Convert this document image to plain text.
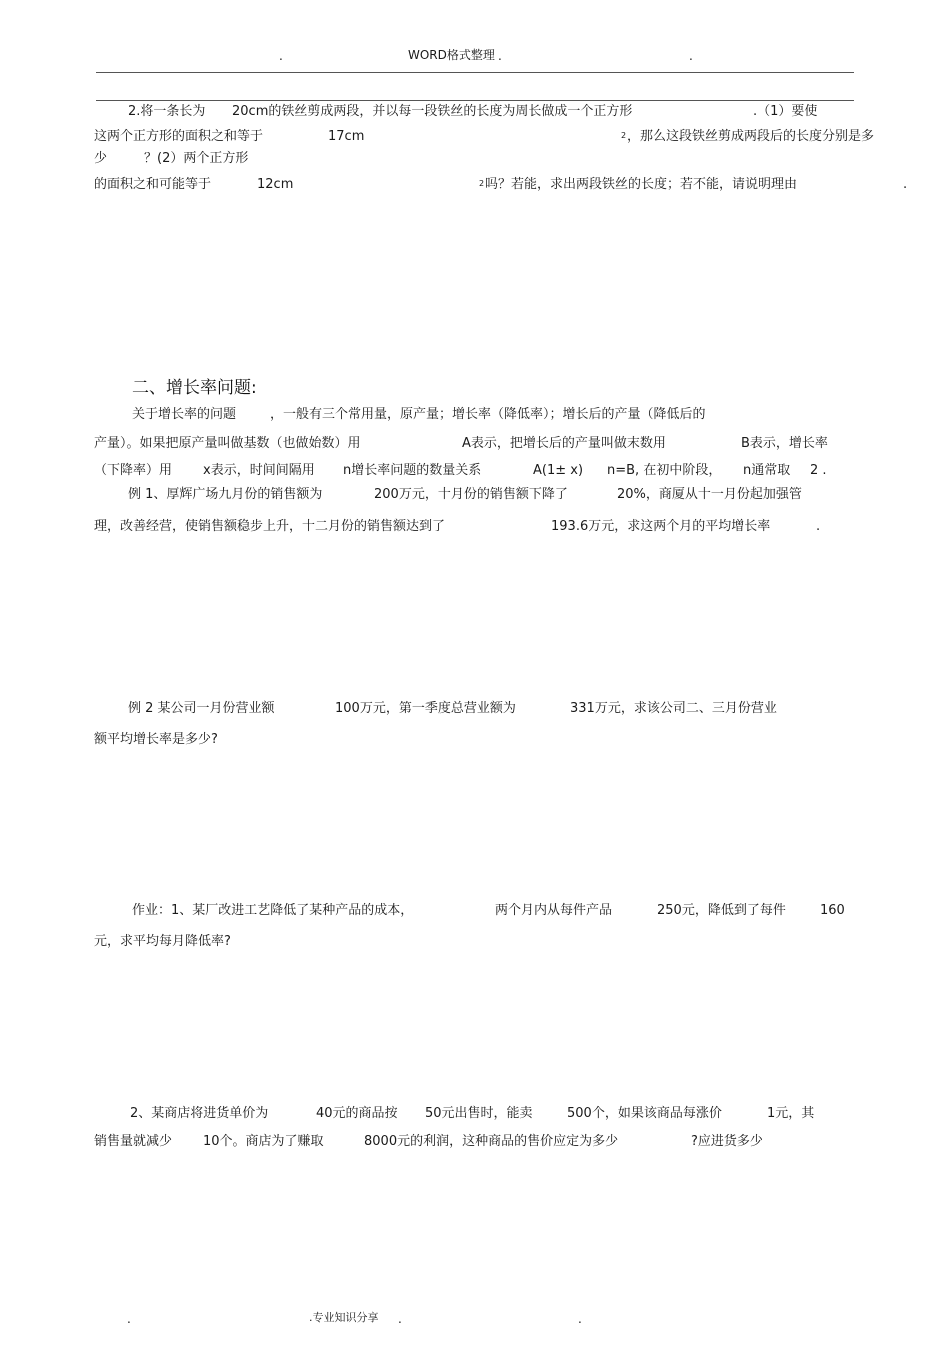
.	WORD格式整理 .	.
2.将一条长为 20cm的铁丝剪成两段，并以每一段铁丝的长度为周长做成一个正方形	.（1）要使
这两个正方形的面积之和等于	17cm	2 ，那么这段铁丝剪成两段后的长度分别是多
少	？(2）两个正方形
的面积之和可能等于	12cm	2 吗？若能，求出两段铁丝的长度；若不能，请说明理由	.
二、增长率问题:
关于增长率的问题	，一般有三个常用量，原产量；增长率（降低率）；增长后的产量（降低后的
产量）。如果把原产量叫做基数（也做始数）用	A表示，把增长后的产量叫做末数用	B表示，增长率
（下降率）用 x表示，时间间隔用 n增长率问题的数量关系	A(1± x) n=B, 在初中阶段， n通常取 2 .
例 1、厚辉广场九月份的销售额为	200万元，十月份的销售额下降了	20%，商厦从十一月份起加强管
理，改善经营，使销售额稳步上升，十二月份的销售额达到了	193.6万元，求这两个月的平均增长率	.
例 2 某公司一月份营业额	100万元，第一季度总营业额为	331万元，求该公司二、三月份营业
额平均增长率是多少?
作业：1、某厂改进工艺降低了某种产品的成本，	两个月内从每件产品	250元，降低到了每件	160
元，求平均每月降低率?
2、某商店将进货单价为	40元的商品按 50元出售时，能卖	500个，如果该商品每涨价	1元，其
销售量就减少 10个。商店为了赚取	8000元的利润，这种商品的售价应定为多少	?应进货多少
.	.专业知识分享 .	.
